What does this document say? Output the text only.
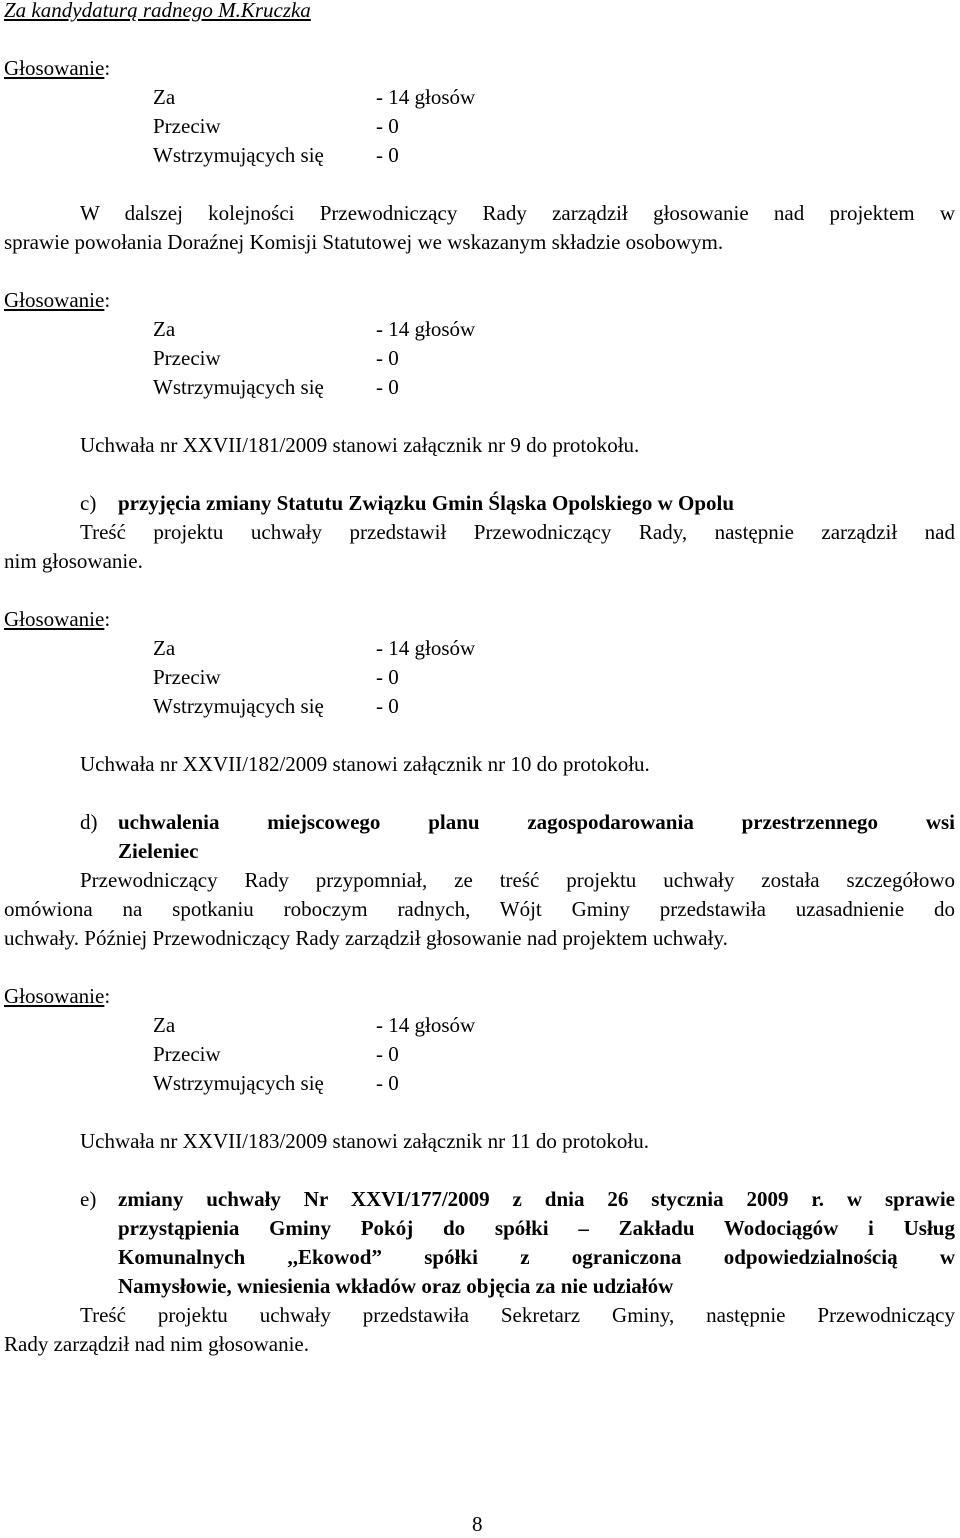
Za kandydaturą radnego M.Kruczka
Głosowanie:
Za	- 14 głosów
Przeciw	- 0
Wstrzymujących się - 0
W dalszej kolejności Przewodniczący Rady zarządził głosowanie nad projektem w
sprawie powołania Doraźnej Komisji Statutowej we wskazanym składzie osobowym.
Głosowanie:
Za	- 14 głosów
Przeciw	- 0
Wstrzymujących się - 0
Uchwała nr XXVII/181/2009 stanowi załącznik nr 9 do protokołu.
c) przyjęcia zmiany Statutu Związku Gmin Śląska Opolskiego w Opolu
Treść projektu uchwały przedstawił Przewodniczący Rady, następnie zarządził nad
nim głosowanie.
Głosowanie:
Za	- 14 głosów
Przeciw	- 0
Wstrzymujących się - 0
Uchwała nr XXVII/182/2009 stanowi załącznik nr 10 do protokołu.
d) uchwalenia miejscowego planu zagospodarowania przestrzennego wsi
Zieleniec
Przewodniczący Rady przypomniał, ze treść projektu uchwały została szczegółowo
omówiona na spotkaniu roboczym radnych, Wójt Gminy przedstawiła uzasadnienie do
uchwały. Później Przewodniczący Rady zarządził głosowanie nad projektem uchwały.
Głosowanie:
Za	- 14 głosów
Przeciw	- 0
Wstrzymujących się - 0
Uchwała nr XXVII/183/2009 stanowi załącznik nr 11 do protokołu.
e) zmiany uchwały Nr XXVI/177/2009 z dnia 26 stycznia 2009 r. w sprawie
przystąpienia Gminy Pokój do spółki – Zakładu Wodociągów i Usług
Komunalnych ,,Ekowod” spółki z ograniczona odpowiedzialnością w
Namysłowie, wniesienia wkładów oraz objęcia za nie udziałów
Treść projektu uchwały przedstawiła Sekretarz Gminy, następnie Przewodniczący
Rady zarządził nad nim głosowanie.
8
